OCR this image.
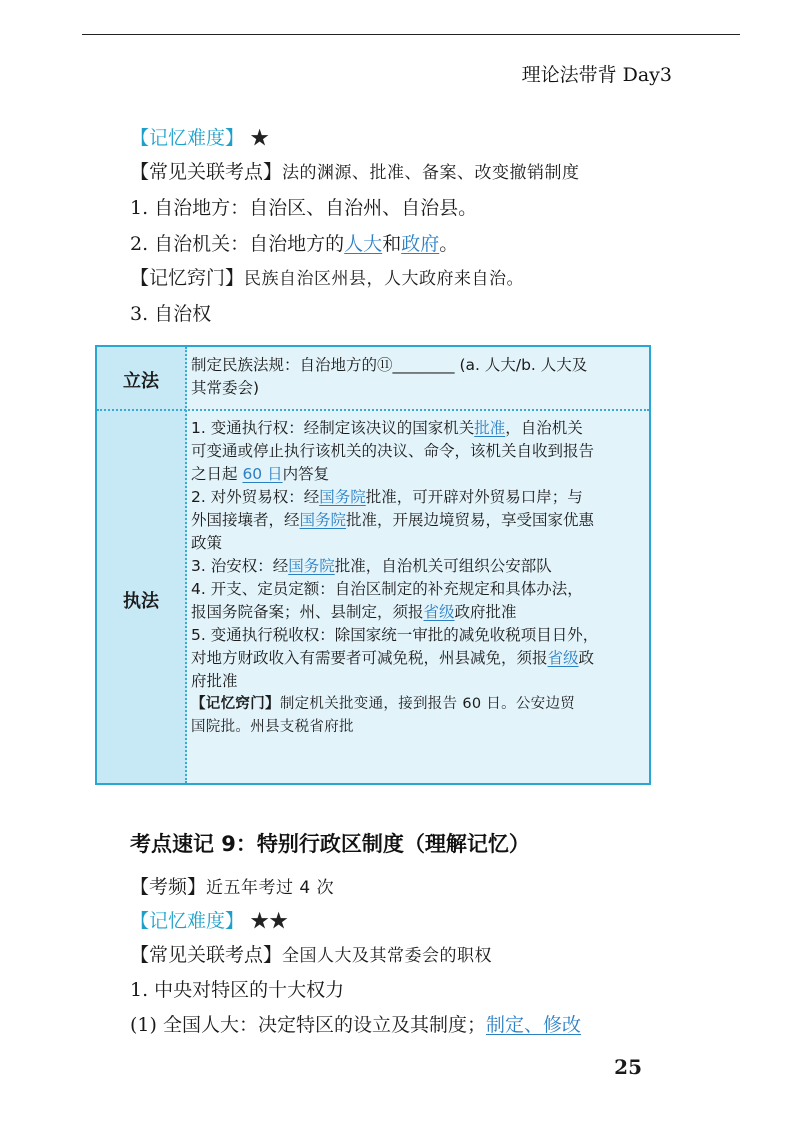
理论法带背 Day3
【记忆难度】 ★
【常见关联考点】法的渊源、批准、备案、改变撤销制度
1. 自治地方：自治区、自治州、自治县。
2. 自治机关：自治地方的人大和政府。
【记忆窍门】民族自治区州县，人大政府来自治。
3. 自治权
立法

制定民族法规：自治地方的⑪________ (a. 人大/b. 人大及

其常委会)

执法

1. 变通执行权：经制定该决议的国家机关批准，自治机关

可变通或停止执行该机关的决议、命令，该机关自收到报告

之日起 60 日内答复

2. 对外贸易权：经国务院批准，可开辟对外贸易口岸；与

外国接壤者，经国务院批准，开展边境贸易，享受国家优惠

政策

3. 治安权：经国务院批准，自治机关可组织公安部队

4. 开支、定员定额：自治区制定的补充规定和具体办法，

报国务院备案；州、县制定，须报省级政府批准

5. 变通执行税收权：除国家统一审批的减免收税项目日外，

对地方财政收入有需要者可减免税，州县减免，须报省级政

府批准

【记忆窍门】制定机关批变通，接到报告 60 日。公安边贸

国院批。州县支税省府批

考点速记 9：特别行政区制度（理解记忆）
【考频】近五年考过 4 次
【记忆难度】 ★★
【常见关联考点】全国人大及其常委会的职权
1. 中央对特区的十大权力
(1) 全国人大：决定特区的设立及其制度；制定、修改
25
